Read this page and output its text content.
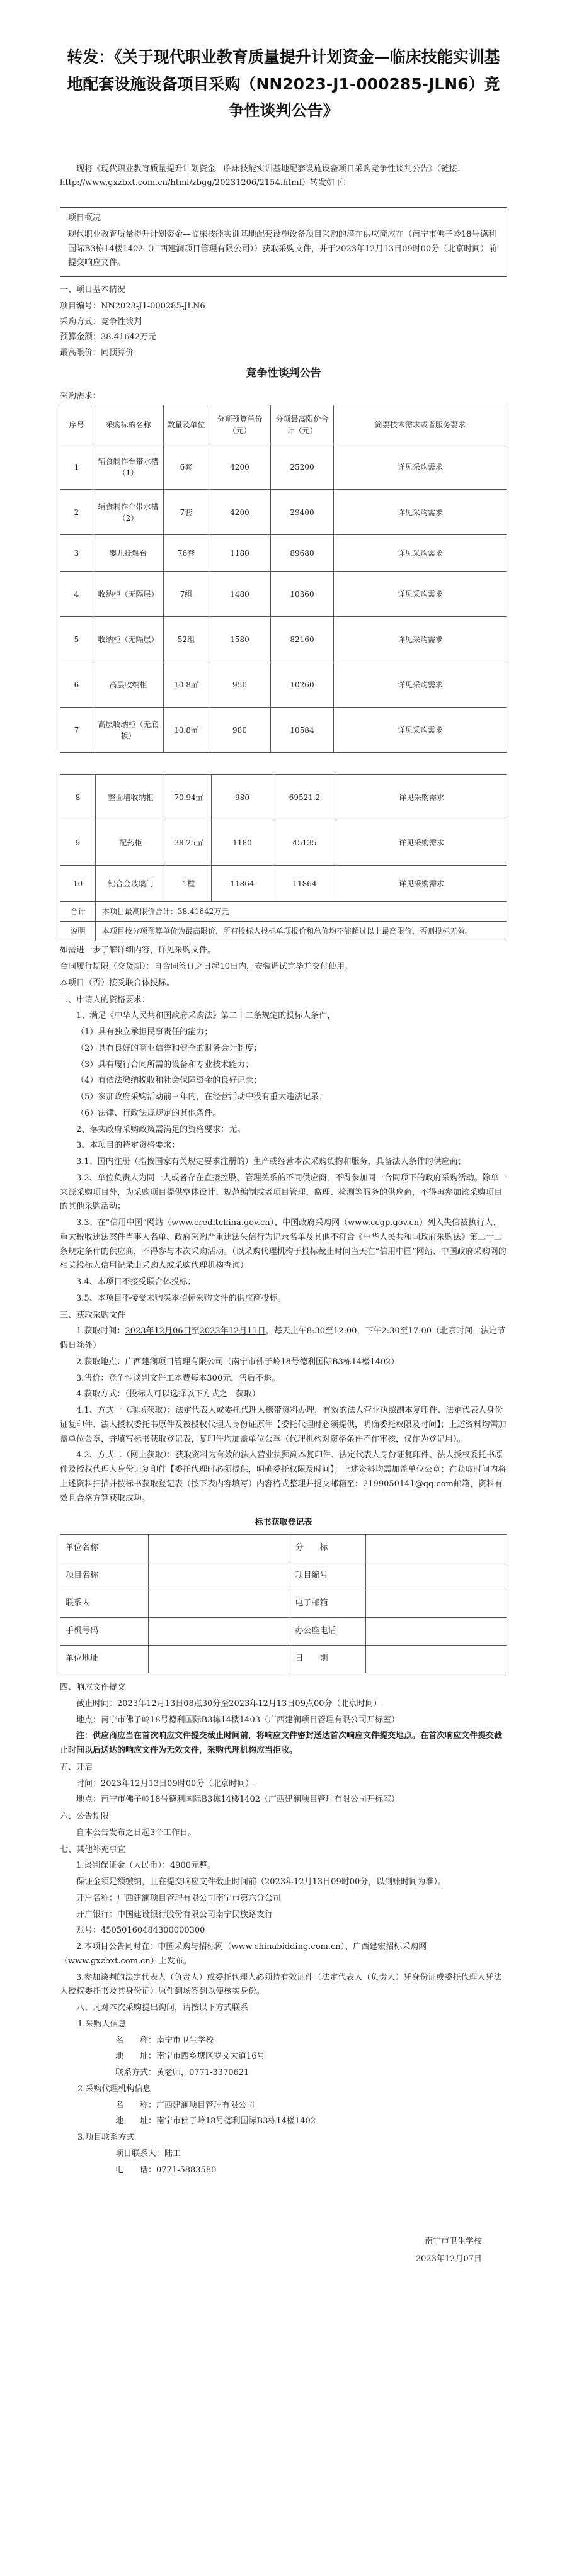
转发：《关于现代职业教育质量提升计划资金—临床技能实训基地配套设施设备项目采购（NN2023-J1-000285-JLN6）竞争性谈判公告》

现将《现代职业教育质量提升计划资金—临床技能实训基地配套设施设备项目采购竞争性谈判公告》（链接：http://www.gxzbxt.com.cn/html/zbgg/20231206/2154.html）转发如下：

项目概况

现代职业教育质量提升计划资金—临床技能实训基地配套设施设备项目采购的潜在供应商应在（南宁市佛子岭18号德利国际B3栋14楼1402（广西建澜项目管理有限公司））获取采购文件，并于2023年12月13日09时00分（北京时间）前提交响应文件。

一、项目基本情况

项目编号：NN2023-J1-000285-JLN6

采购方式：竞争性谈判

预算金额：38.41642万元

最高限价：同预算价

竞争性谈判公告

采购需求：

序号	采购标的名称	数量及单位	分项预算单价（元）	分项最高限价合计（元）	简要技术需求或者服务要求
1	辅食制作台带水槽（1）	6套	4200	25200	详见采购需求
2	辅食制作台带水槽（2）	7套	4200	29400	详见采购需求
3	婴儿抚触台	76套	1180	89680	详见采购需求
4	收纳柜（无隔层）	7组	1480	10360	详见采购需求
5	收纳柜（无隔层）	52组	1580	82160	详见采购需求
6	高层收纳柜	10.8㎡	950	10260	详见采购需求
7	高层收纳柜（无底板）	10.8㎡	980	10584	详见采购需求
8	整面墙收纳柜	70.94㎡	980	69521.2	详见采购需求
9	配药柜	38.25㎡	1180	45135	详见采购需求
10	铝合金玻璃门	1樘	11864	11864	详见采购需求
合计	本项目最高限价合计：38.41642万元				
说明	本项目按分项预算单价为最高限价，所有投标人投标单项报价和总价均不能超过以上最高限价，否则投标无效。				

如需进一步了解详细内容，详见采购文件。

合同履行期限（交货期）：自合同签订之日起10日内，安装调试完毕并交付使用。

本项目（否）接受联合体投标。

二、申请人的资格要求：

1、满足《中华人民共和国政府采购法》第二十二条规定的投标人条件，

（1）具有独立承担民事责任的能力；

（2）具有良好的商业信誉和健全的财务会计制度；

（3）具有履行合同所需的设备和专业技术能力；

（4）有依法缴纳税收和社会保障资金的良好记录；

（5）参加政府采购活动前三年内，在经营活动中没有重大违法记录；

（6）法律、行政法规规定的其他条件。

2、落实政府采购政策需满足的资格要求：无。

3、本项目的特定资格要求：

3.1、国内注册（指按国家有关规定要求注册的）生产或经营本次采购货物和服务，具备法人条件的供应商；

3.2、单位负责人为同一人或者存在直接控股、管理关系的不同供应商，不得参加同一合同项下的政府采购活动。除单一来源采购项目外，为采购项目提供整体设计、规范编制或者项目管理、监理、检测等服务的供应商，不得再参加该采购项目的其他采购活动；

3.3、在“信用中国”网站（www.creditchina.gov.cn）、中国政府采购网（www.ccgp.gov.cn）列入失信被执行人、重大税收违法案件当事人名单、政府采购严重违法失信行为记录名单及其他不符合《中华人民共和国政府采购法》第二十二条规定条件的供应商，不得参与本次采购活动。（以采购代理机构于投标截止时间当天在“信用中国”网站、中国政府采购网的相关投标人信用记录由采购人或采购代理机构查询）

3.4、本项目不接受联合体投标；

3.5、本项目不接受未购买本招标采购文件的供应商投标。

三、获取采购文件

1.获取时间：2023年12月06日至2023年12月11日，每天上午8:30至12:00，下午2:30至17:00（北京时间，法定节假日除外）

2.获取地点：广西建澜项目管理有限公司（南宁市佛子岭18号德利国际B3栋14楼1402）

3.售价：竞争性谈判文件工本费每本300元，售后不退。

4.获取方式：（投标人可以选择以下方式之一获取）

4.1、方式一（现场获取）：法定代表人或委托代理人携带资料办理，有效的法人营业执照副本复印件、法定代表人身份证复印件、法人授权委托书原件及被授权代理人身份证原件【委托代理时必须提供，明确委托权限及时间】；上述资料均需加盖单位公章，并填写标书获取登记表，复印件均加盖单位公章（代理机构对资格条件不作审核，仅作为登记用）。

4.2、方式二（网上获取）：获取资料为有效的法人营业执照副本复印件、法定代表人身份证复印件、法人授权委托书原件及授权代理人身份证复印件【委托代理时必须提供，明确委托权限及时间】；上述资料均需加盖单位公章；在获取时间内将上述资料扫描并按标书获取登记表（按下表内容填写）内容格式整理并提交邮箱至：2199050141@qq.com邮箱，资料有效且合格方算获取成功。

标书获取登记表
单位名称		分　　标	
项目名称		项目编号	
联系人		电子邮箱	
手机号码		办公座电话	
单位地址		日　　期	

四、响应文件提交

截止时间：2023年12月13日08点30分至2023年12月13日09点00分（北京时间）

地点：南宁市佛子岭18号德利国际B3栋14楼1403（广西建澜项目管理有限公司开标室）

注：供应商应当在首次响应文件提交截止时间前，将响应文件密封送达首次响应文件提交地点。在首次响应文件提交截止时间以后送达的响应文件为无效文件，采购代理机构应当拒收。

五、开启

时间：2023年12月13日09时00分（北京时间）

地点：南宁市佛子岭18号德利国际B3栋14楼1402（广西建澜项目管理有限公司开标室）

六、公告期限

自本公告发布之日起3个工作日。

七、其他补充事宜

1.谈判保证金（人民币）：4900元整。

保证金须足额缴纳，且在提交响应文件截止时间前（2023年12月13日09时00分，以到账时间为准）。

开户名称：广西建澜项目管理有限公司南宁市第六分公司

开户银行：中国建设银行股份有限公司南宁民族路支行

账号：45050160484300000300

2.本项目公告同时在：中国采购与招标网（www.chinabidding.com.cn）、广西建宏招标采购网（www.gxzbxt.com.cn）上发布。

3.参加谈判的法定代表人（负责人）或委托代理人必须持有效证件（法定代表人（负责人）凭身份证或委托代理人凭法人授权委托书及其身份证）原件到场签到以便核实身份。

八、凡对本次采购提出询问，请按以下方式联系

1.采购人信息

名　　称：南宁市卫生学校

地　　址：南宁市西乡塘区罗文大道16号

联系方式：黄老师，0771-3370621

2.采购代理机构信息

名　　称：广西建澜项目管理有限公司

地　　址：南宁市佛子岭18号德利国际B3栋14楼1402

3.项目联系方式

项目联系人：陆工

电　　话：0771-5883580

南宁市卫生学校

2023年12月07日
